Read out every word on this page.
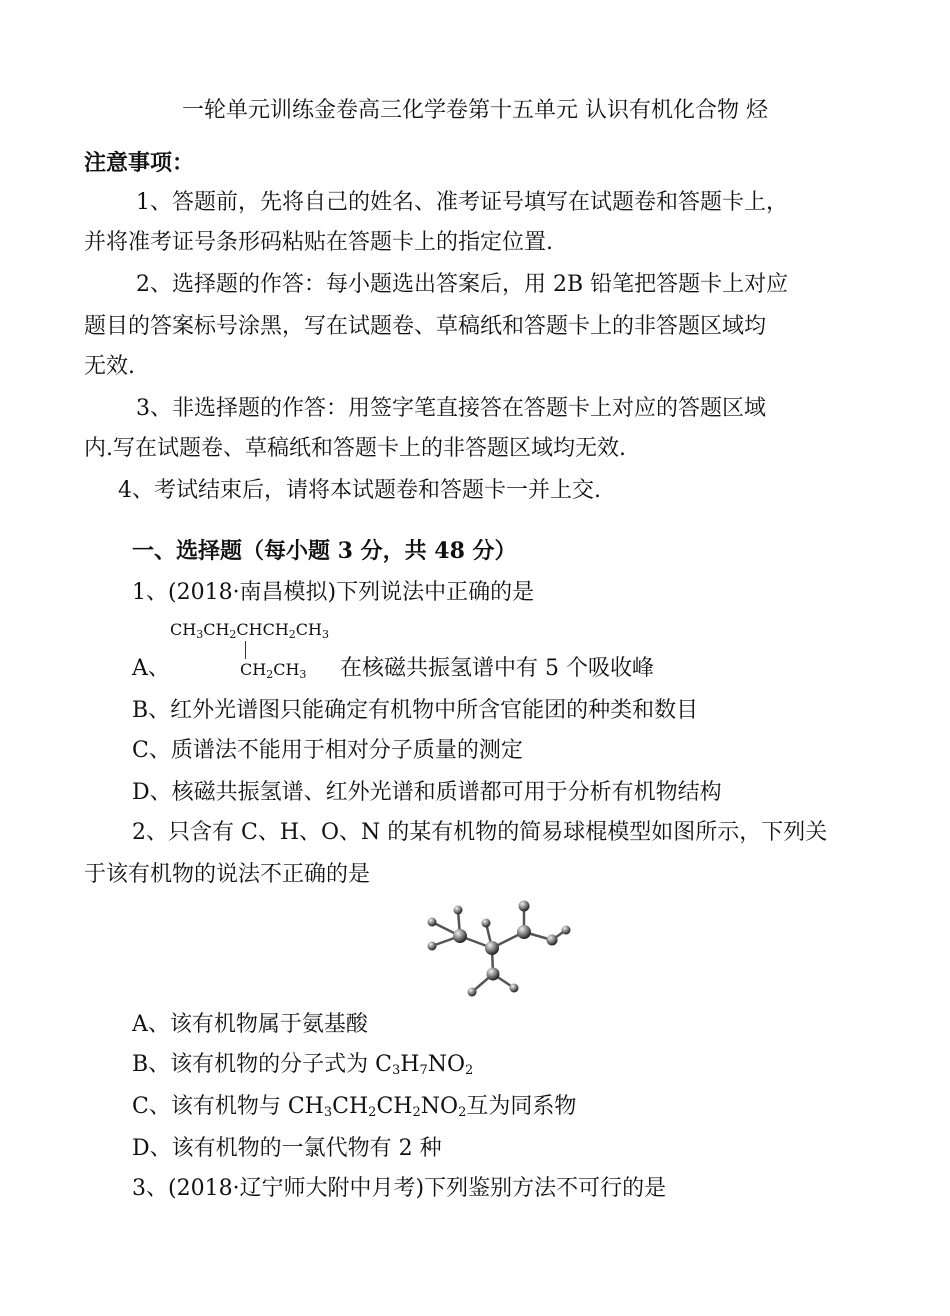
一轮单元训练金卷高三化学卷第十五单元 认识有机化合物 烃
注意事项：
1、答题前，先将自己的姓名、准考证号填写在试题卷和答题卡上，
并将准考证号条形码粘贴在答题卡上的指定位置.
2、选择题的作答：每小题选出答案后，用 2B 铅笔把答题卡上对应
题目的答案标号涂黑，写在试题卷、草稿纸和答题卡上的非答题区域均
无效.
3、非选择题的作答：用签字笔直接答在答题卡上对应的答题区域
内.写在试题卷、草稿纸和答题卡上的非答题区域均无效.
4、考试结束后，请将本试题卷和答题卡一并上交.
一、选择题（每小题 3 分，共 48 分）
1、(2018·南昌模拟)下列说法中正确的是
CH3CH2CHCH2CH3
A、	CH2CH3 在核磁共振氢谱中有 5 个吸收峰
B、红外光谱图只能确定有机物中所含官能团的种类和数目
C、质谱法不能用于相对分子质量的测定
D、核磁共振氢谱、红外光谱和质谱都可用于分析有机物结构
2、只含有 C、H、O、N 的某有机物的简易球棍模型如图所示，下列关
于该有机物的说法不正确的是
A、该有机物属于氨基酸
B、该有机物的分子式为 $C_3H_7NO_2$
C、该有机物与 $CH_3CH_2CH_2NO_2$互为同系物
D、该有机物的一氯代物有 2 种
3、(2018·辽宁师大附中月考)下列鉴别方法不可行的是
